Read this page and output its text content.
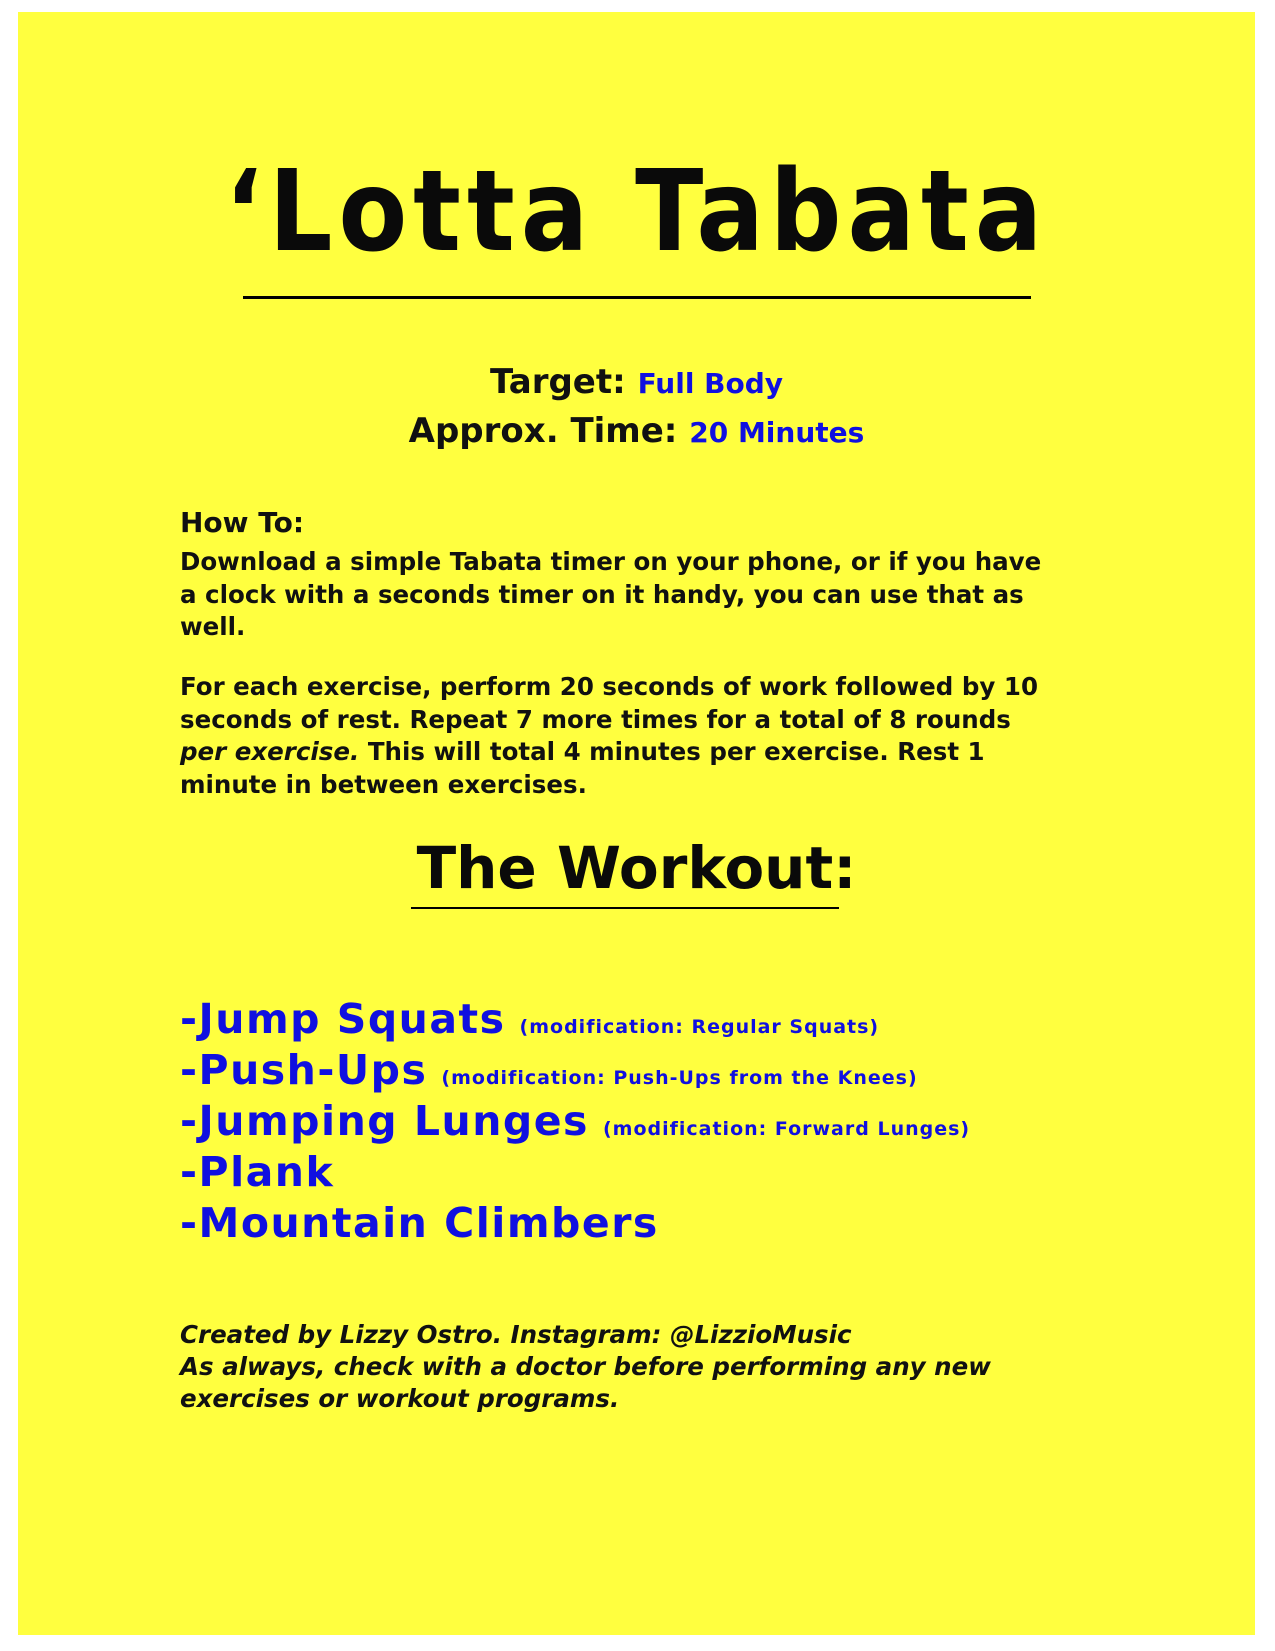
‘Lotta Tabata
Target: Full Body
Approx. Time: 20 Minutes
How To:
Download a simple Tabata timer on your phone, or if you have a clock with a seconds timer on it handy, you can use that as well.
For each exercise, perform 20 seconds of work followed by 10 seconds of rest. Repeat 7 more times for a total of 8 rounds per exercise. This will total 4 minutes per exercise. Rest 1 minute in between exercises.
The Workout:
-Jump Squats (modification: Regular Squats)
-Push-Ups (modification: Push-Ups from the Knees)
-Jumping Lunges (modification: Forward Lunges)
-Plank
-Mountain Climbers
Created by Lizzy Ostro. Instagram: @LizzioMusic
As always, check with a doctor before performing any new
exercises or workout programs.
